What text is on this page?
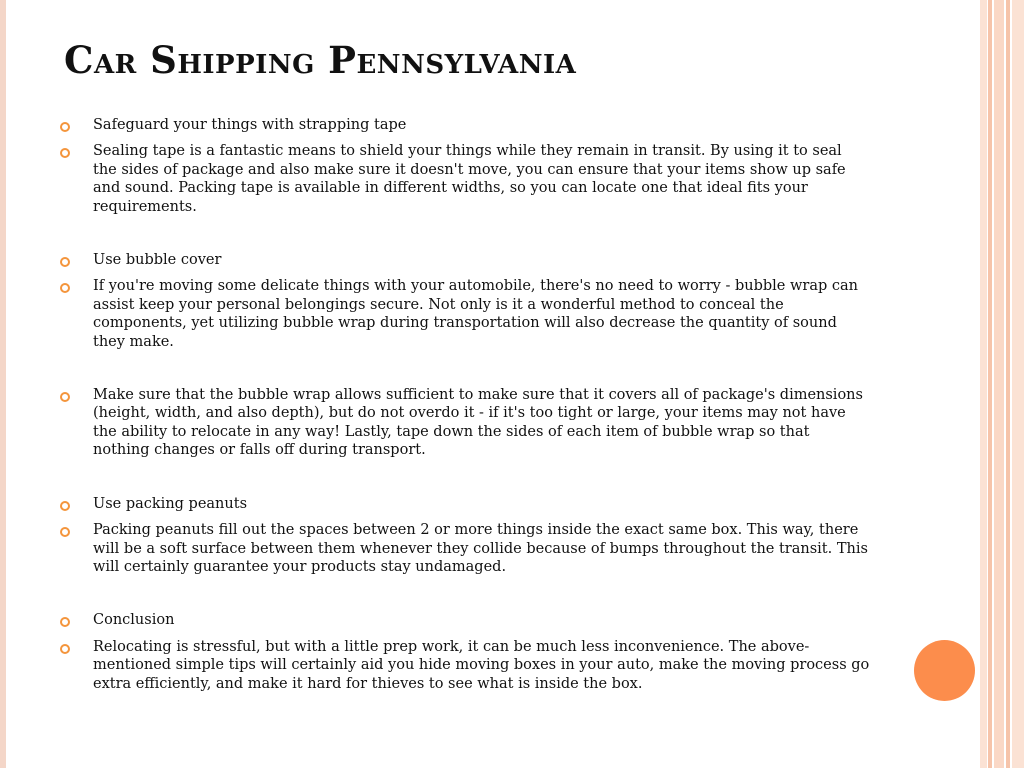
Car Shipping Pennsylvania
Safeguard your things with strapping tape
Sealing tape is a fantastic means to shield your things while they remain in transit. By using it to seal the sides of package and also make sure it doesn't move, you can ensure that your items show up safe and sound. Packing tape is available in different widths, so you can locate one that ideal fits your requirements.
Use bubble cover
If you're moving some delicate things with your automobile, there's no need to worry - bubble wrap can assist keep your personal belongings secure. Not only is it a wonderful method to conceal the components, yet utilizing bubble wrap during transportation will also decrease the quantity of sound they make.
Make sure that the bubble wrap allows sufficient to make sure that it covers all of package's dimensions (height, width, and also depth), but do not overdo it - if it's too tight or large, your items may not have the ability to relocate in any way! Lastly, tape down the sides of each item of bubble wrap so that nothing changes or falls off during transport.
Use packing peanuts
Packing peanuts fill out the spaces between 2 or more things inside the exact same box. This way, there will be a soft surface between them whenever they collide because of bumps throughout the transit. This will certainly guarantee your products stay undamaged.
Conclusion
Relocating is stressful, but with a little prep work, it can be much less inconvenience. The above-mentioned simple tips will certainly aid you hide moving boxes in your auto, make the moving process go extra efficiently, and make it hard for thieves to see what is inside the box.
